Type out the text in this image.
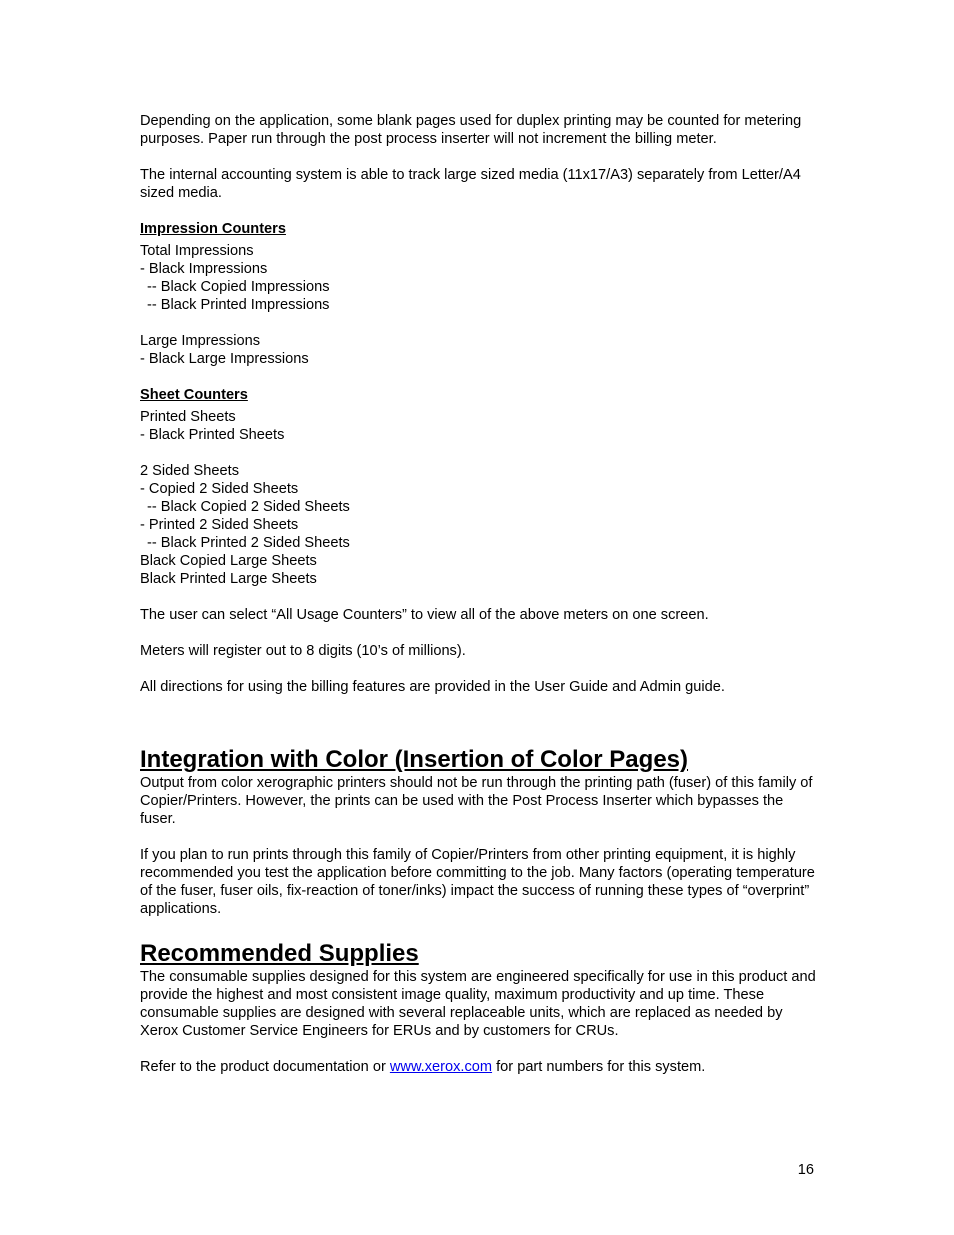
Depending on the application, some blank pages used for duplex printing may be counted for metering purposes. Paper run through the post process inserter will not increment the billing meter.

The internal accounting system is able to track large sized media (11x17/A3) separately from Letter/A4 sized media.

Impression Counters
Total Impressions
- Black Impressions
-- Black Copied Impressions
-- Black Printed Impressions
Large Impressions
- Black Large Impressions
Sheet Counters
Printed Sheets
- Black Printed Sheets
2 Sided Sheets
- Copied 2 Sided Sheets
-- Black Copied 2 Sided Sheets
- Printed 2 Sided Sheets
-- Black Printed 2 Sided Sheets
Black Copied Large Sheets
Black Printed Large Sheets

The user can select “All Usage Counters” to view all of the above meters on one screen.

Meters will register out to 8 digits (10’s of millions).

All directions for using the billing features are provided in the User Guide and Admin guide.

Integration with Color (Insertion of Color Pages)

Output from color xerographic printers should not be run through the printing path (fuser) of this family of Copier/Printers. However, the prints can be used with the Post Process Inserter which bypasses the fuser.

If you plan to run prints through this family of Copier/Printers from other printing equipment, it is highly recommended you test the application before committing to the job. Many factors (operating temperature of the fuser, fuser oils, fix-reaction of toner/inks) impact the success of running these types of “overprint” applications.

Recommended Supplies

The consumable supplies designed for this system are engineered specifically for use in this product and provide the highest and most consistent image quality, maximum productivity and up time. These consumable supplies are designed with several replaceable units, which are replaced as needed by Xerox Customer Service Engineers for ERUs and by customers for CRUs.

Refer to the product documentation or www.xerox.com for part numbers for this system.

16
